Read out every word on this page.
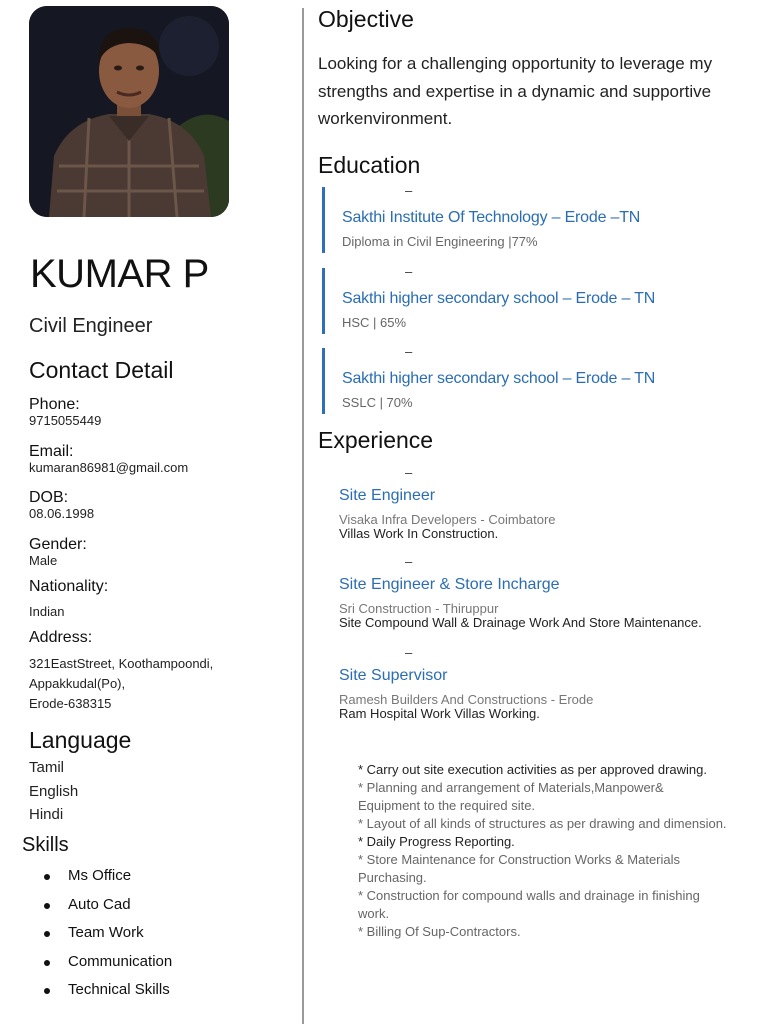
KUMAR P
Civil Engineer
Contact Detail
Phone:
9715055449
Email:
kumaran86981@gmail.com
DOB:
08.06.1998
Gender:
Male
Nationality:
Indian
Address:
321EastStreet, Koothampoondi,
Appakkudal(Po),
Erode-638315
Language
Tamil
English
Hindi
Skills
Ms Office
Auto Cad
Team Work
Communication
Technical Skills
Objective

Looking for a challenging opportunity to leverage my strengths and expertise in a dynamic and supportive workenvironment.

Education
–
Sakthi Institute Of Technology – Erode –TN
Diploma in Civil Engineering |77%
–
Sakthi higher secondary school – Erode – TN
HSC | 65%
–
Sakthi higher secondary school – Erode – TN
SSLC | 70%
Experience
–
Site Engineer
Visaka Infra Developers - Coimbatore
Villas Work In Construction.
–
Site Engineer & Store Incharge
Sri Construction - Thiruppur
Site Compound Wall & Drainage Work And Store Maintenance.
–
Site Supervisor
Ramesh Builders And Constructions - Erode
Ram Hospital Work Villas Working.
* Carry out site execution activities as per approved drawing.
* Planning and arrangement of Materials,Manpower& Equipment to the required site.
* Layout of all kinds of structures as per drawing and dimension.
* Daily Progress Reporting.
* Store Maintenance for Construction Works & Materials Purchasing.
* Construction for compound walls and drainage in finishing work.
* Billing Of Sup-Contractors.
